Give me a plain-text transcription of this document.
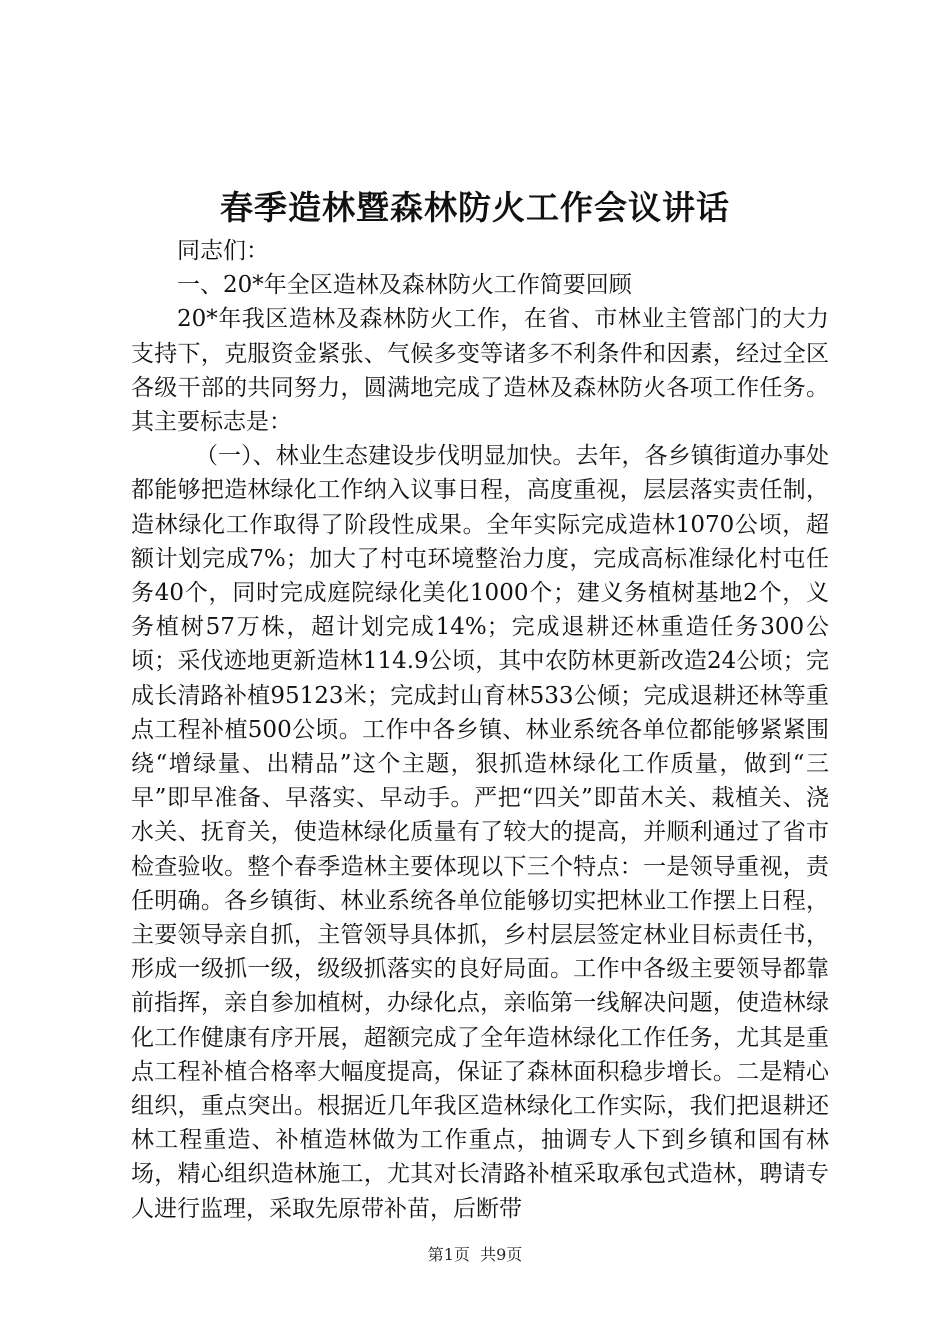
春季造林暨森林防火工作会议讲话

同志们：

一、20*年全区造林及森林防火工作简要回顾

20*年我区造林及森林防火工作，在省、市林业主管部门的大力支持下，克服资金紧张、气候多变等诸多不利条件和因素，经过全区各级干部的共同努力，圆满地完成了造林及森林防火各项工作任务。其主要标志是：

（一）、林业生态建设步伐明显加快。去年，各乡镇街道办事处都能够把造林绿化工作纳入议事日程，高度重视，层层落实责任制，造林绿化工作取得了阶段性成果。全年实际完成造林1070公顷，超额计划完成7%；加大了村屯环境整治力度，完成高标准绿化村屯任务40个，同时完成庭院绿化美化1000个；建义务植树基地2个，义务植树57万株，超计划完成14%；完成退耕还林重造任务300公顷；采伐迹地更新造林114.9公顷，其中农防林更新改造24公顷；完成长清路补植95123米；完成封山育林533公倾；完成退耕还林等重点工程补植500公顷。工作中各乡镇、林业系统各单位都能够紧紧围绕“增绿量、出精品”这个主题，狠抓造林绿化工作质量，做到“三早”即早准备、早落实、早动手。严把“四关”即苗木关、栽植关、浇水关、抚育关，使造林绿化质量有了较大的提高，并顺利通过了省市检查验收。整个春季造林主要体现以下三个特点：一是领导重视，责任明确。各乡镇街、林业系统各单位能够切实把林业工作摆上日程，主要领导亲自抓，主管领导具体抓，乡村层层签定林业目标责任书，形成一级抓一级，级级抓落实的良好局面。工作中各级主要领导都靠前指挥，亲自参加植树，办绿化点，亲临第一线解决问题，使造林绿化工作健康有序开展，超额完成了全年造林绿化工作任务，尤其是重点工程补植合格率大幅度提高，保证了森林面积稳步增长。二是精心组织，重点突出。根据近几年我区造林绿化工作实际，我们把退耕还林工程重造、补植造林做为工作重点，抽调专人下到乡镇和国有林场，精心组织造林施工，尤其对长清路补植采取承包式造林，聘请专人进行监理，采取先原带补苗，后断带

第1页  共9页
